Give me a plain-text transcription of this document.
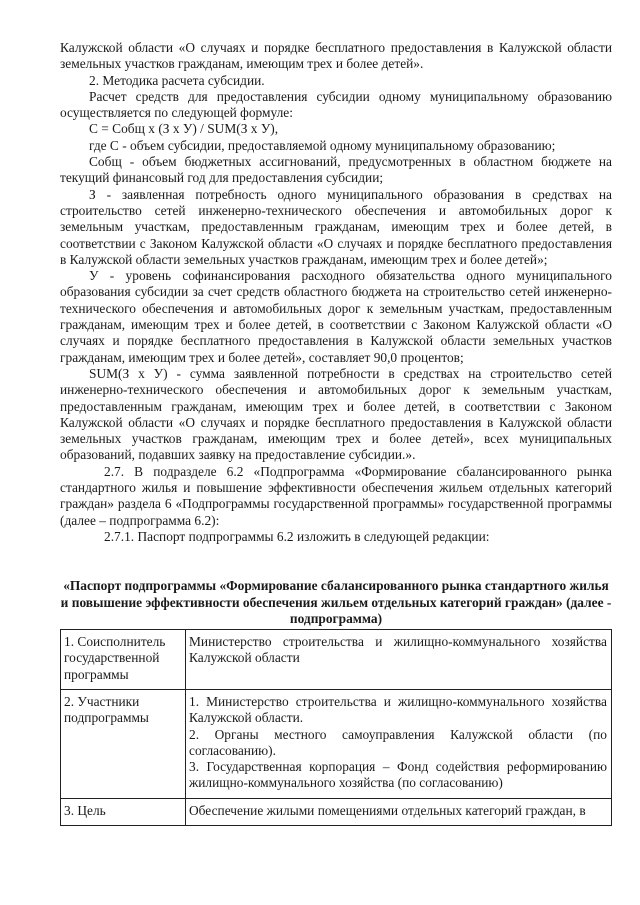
Калужской области «О случаях и порядке бесплатного предоставления в Калужской области земельных участков гражданам, имеющим трех и более детей».

2. Методика расчета субсидии.

Расчет средств для предоставления субсидии одному муниципальному образованию осуществляется по следующей формуле:

С = Собщ х (З х У) / SUM(З х У),

где С - объем субсидии, предоставляемой одному муниципальному образованию;

Собщ - объем бюджетных ассигнований, предусмотренных в областном бюджете на текущий финансовый год для предоставления субсидии;

З - заявленная потребность одного муниципального образования в средствах на строительство сетей инженерно-технического обеспечения и автомобильных дорог к земельным участкам, предоставленным гражданам, имеющим трех и более детей, в соответствии с Законом Калужской области «О случаях и порядке бесплатного предоставления в Калужской области земельных участков гражданам, имеющим трех и более детей»;

У - уровень софинансирования расходного обязательства одного муниципального образования субсидии за счет средств областного бюджета на строительство сетей инженерно-технического обеспечения и автомобильных дорог к земельным участкам, предоставленным гражданам, имеющим трех и более детей, в соответствии с Законом Калужской области «О случаях и порядке бесплатного предоставления в Калужской области земельных участков гражданам, имеющим трех и более детей», составляет 90,0 процентов;

SUM(З х У) - сумма заявленной потребности в средствах на строительство сетей инженерно-технического обеспечения и автомобильных дорог к земельным участкам, предоставленным гражданам, имеющим трех и более детей, в соответствии с Законом Калужской области «О случаях и порядке бесплатного предоставления в Калужской области земельных участков гражданам, имеющим трех и более детей», всех муниципальных образований, подавших заявку на предоставление субсидии.».

2.7. В подразделе 6.2 «Подпрограмма «Формирование сбалансированного рынка стандартного жилья и повышение эффективности обеспечения жильем отдельных категорий граждан» раздела 6 «Подпрограммы государственной программы» государственной программы (далее – подпрограмма 6.2):

2.7.1. Паспорт подпрограммы 6.2 изложить в следующей редакции:

«Паспорт подпрограммы «Формирование сбалансированного рынка стандартного жилья и повышение эффективности обеспечения жильем отдельных категорий граждан» (далее - подпрограмма)

1. Соисполнитель государственной программы	Министерство строительства и жилищно-коммунального хозяйства Калужской области

2. Участники подпрограммы	1. Министерство строительства и жилищно-коммунального хозяйства Калужской области.

2. Органы местного самоуправления Калужской области (по согласованию).

3. Государственная корпорация – Фонд содействия реформированию жилищно-коммунального хозяйства (по согласованию)

3. Цель	Обеспечение жилыми помещениями отдельных категорий граждан, в
